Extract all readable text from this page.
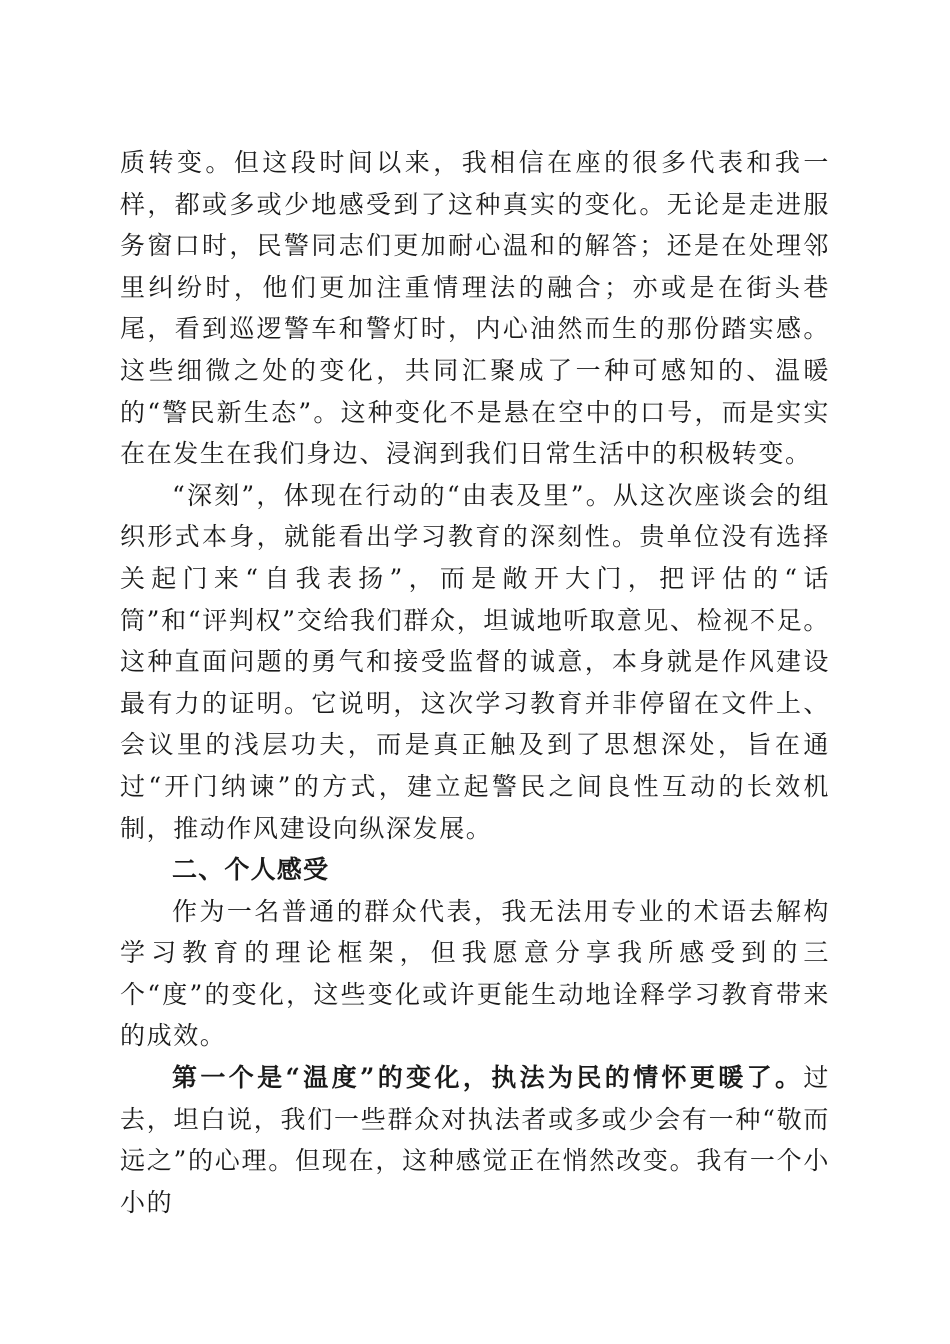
质转变。但这段时间以来，我相信在座的很多代表和我一样，都或多或少地感受到了这种真实的变化。无论是走进服务窗口时，民警同志们更加耐心温和的解答；还是在处理邻里纠纷时，他们更加注重情理法的融合；亦或是在街头巷尾，看到巡逻警车和警灯时，内心油然而生的那份踏实感。这些细微之处的变化，共同汇聚成了一种可感知的、温暖的“警民新生态”。这种变化不是悬在空中的口号，而是实实在在发生在我们身边、浸润到我们日常生活中的积极转变。

“深刻”，体现在行动的“由表及里”。从这次座谈会的组织形式本身，就能看出学习教育的深刻性。贵单位没有选择关起门来“自我表扬”，而是敞开大门，把评估的“话筒”和“评判权”交给我们群众，坦诚地听取意见、检视不足。这种直面问题的勇气和接受监督的诚意，本身就是作风建设最有力的证明。它说明，这次学习教育并非停留在文件上、会议里的浅层功夫，而是真正触及到了思想深处，旨在通过“开门纳谏”的方式，建立起警民之间良性互动的长效机制，推动作风建设向纵深发展。

二、个人感受

作为一名普通的群众代表，我无法用专业的术语去解构学习教育的理论框架，但我愿意分享我所感受到的三个“度”的变化，这些变化或许更能生动地诠释学习教育带来的成效。

第一个是“温度”的变化，执法为民的情怀更暖了。过去，坦白说，我们一些群众对执法者或多或少会有一种“敬而远之”的心理。但现在，这种感觉正在悄然改变。我有一个小小的
